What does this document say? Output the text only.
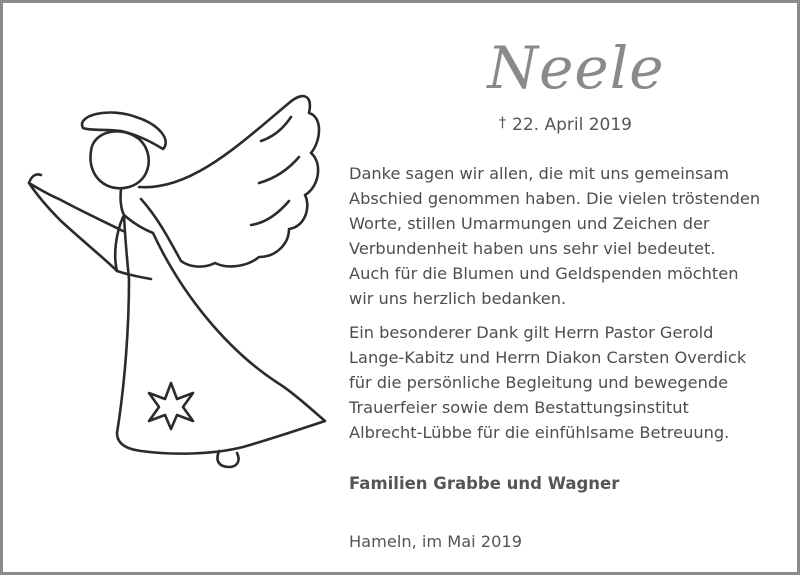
Neele
† 22. April 2019

Danke sagen wir allen, die mit uns gemeinsam
Abschied genommen haben. Die vielen tröstenden
Worte, stillen Umarmungen und Zeichen der
Verbundenheit haben uns sehr viel bedeutet.
Auch für die Blumen und Geldspenden möchten
wir uns herzlich bedanken.

Ein besonderer Dank gilt Herrn Pastor Gerold
Lange-Kabitz und Herrn Diakon Carsten Overdick
für die persönliche Begleitung und bewegende
Trauerfeier sowie dem Bestattungsinstitut
Albrecht-Lübbe für die einfühlsame Betreuung.

Familien Grabbe und Wagner
Hameln, im Mai 2019
